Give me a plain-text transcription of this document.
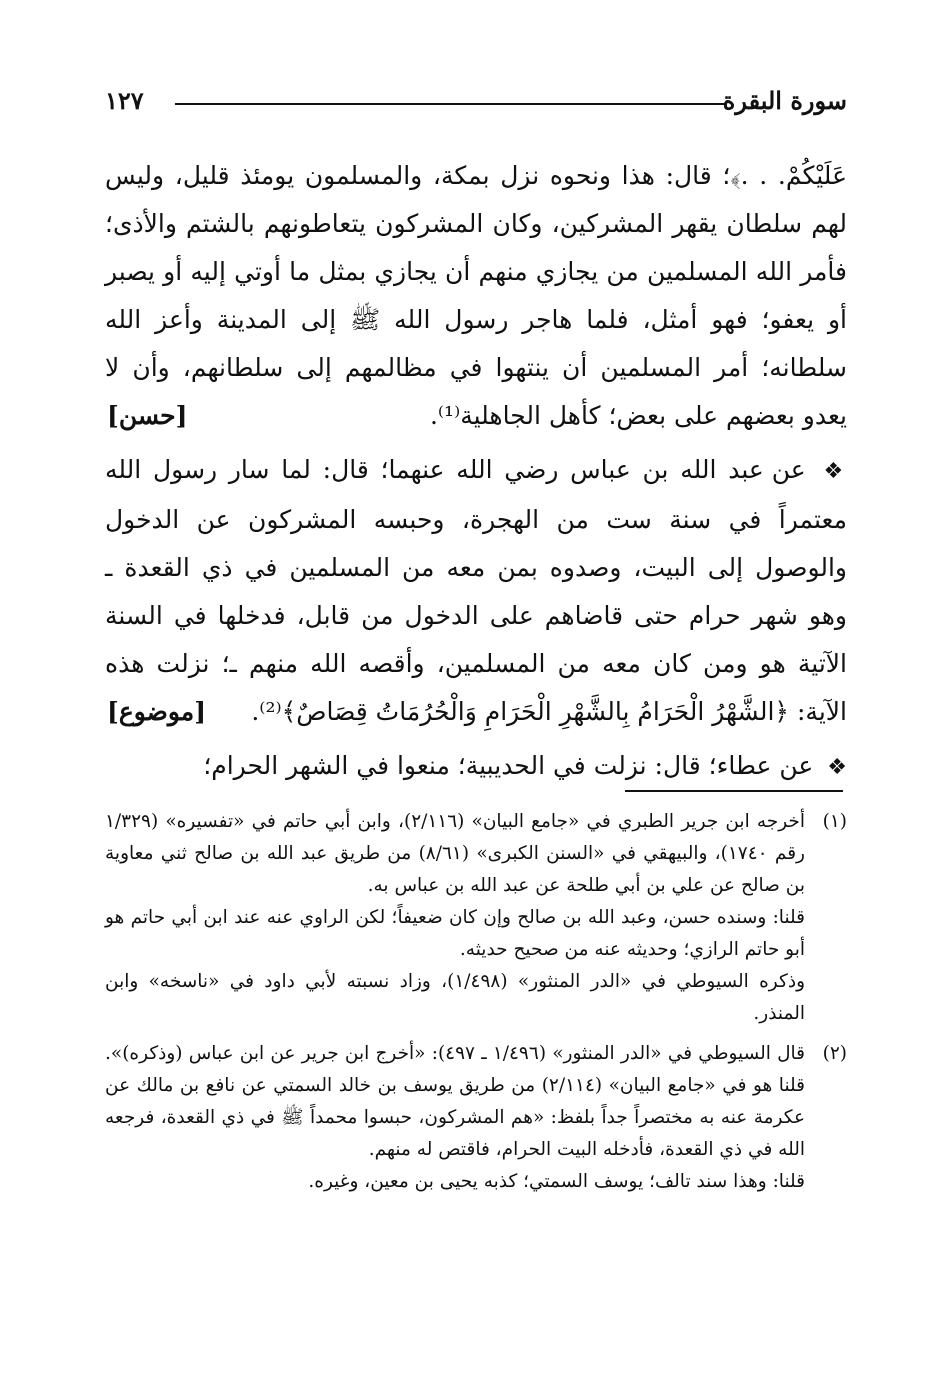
سورة البقرة
١٢٧

عَلَيْكُمْ. . .﴾؛ قال: هذا ونحوه نزل بمكة، والمسلمون يومئذ قليل، وليس لهم سلطان يقهر المشركين، وكان المشركون يتعاطونهم بالشتم والأذى؛ فأمر الله المسلمين من يجازي منهم أن يجازي بمثل ما أوتي إليه أو يصبر أو يعفو؛ فهو أمثل، فلما هاجر رسول الله ﷺ إلى المدينة وأعز الله سلطانه؛ أمر المسلمين أن ينتهوا في مظالمهم إلى سلطانهم، وأن لا يعدو بعضهم على بعض؛ كأهل الجاهلية⁽¹⁾.
[حسن]

❖ عن عبد الله بن عباس رضي الله عنهما؛ قال: لما سار رسول الله معتمراً في سنة ست من الهجرة، وحبسه المشركون عن الدخول والوصول إلى البيت، وصدوه بمن معه من المسلمين في ذي القعدة ـ وهو شهر حرام حتى قاضاهم على الدخول من قابل، فدخلها في السنة الآتية هو ومن كان معه من المسلمين، وأقصه الله منهم ـ؛ نزلت هذه الآية: ﴿الشَّهْرُ الْحَرَامُ بِالشَّهْرِ الْحَرَامِ وَالْحُرُمَاتُ قِصَاصٌ﴾⁽²⁾.
[موضوع]

❖ عن عطاء؛ قال: نزلت في الحديبية؛ منعوا في الشهر الحرام؛

(١)
أخرجه ابن جرير الطبري في «جامع البيان» (٢/١١٦)، وابن أبي حاتم في «تفسيره» (١/٣٢٩ رقم ١٧٤٠)، والبيهقي في «السنن الكبرى» (٨/٦١) من طريق عبد الله بن صالح ثني معاوية بن صالح عن علي بن أبي طلحة عن عبد الله بن عباس به.
قلنا: وسنده حسن، وعبد الله بن صالح وإن كان ضعيفاً؛ لكن الراوي عنه عند ابن أبي حاتم هو أبو حاتم الرازي؛ وحديثه عنه من صحيح حديثه.
وذكره السيوطي في «الدر المنثور» (١/٤٩٨)، وزاد نسبته لأبي داود في «ناسخه» وابن المنذر.
(٢)
قال السيوطي في «الدر المنثور» (١/٤٩٦ ـ ٤٩٧): «أخرج ابن جرير عن ابن عباس (وذكره)». قلنا هو في «جامع البيان» (٢/١١٤) من طريق يوسف بن خالد السمتي عن نافع بن مالك عن عكرمة عنه به مختصراً جداً بلفظ: «هم المشركون، حبسوا محمداً ﷺ في ذي القعدة، فرجعه الله في ذي القعدة، فأدخله البيت الحرام، فاقتص له منهم.
قلنا: وهذا سند تالف؛ يوسف السمتي؛ كذبه يحيى بن معين، وغيره.
